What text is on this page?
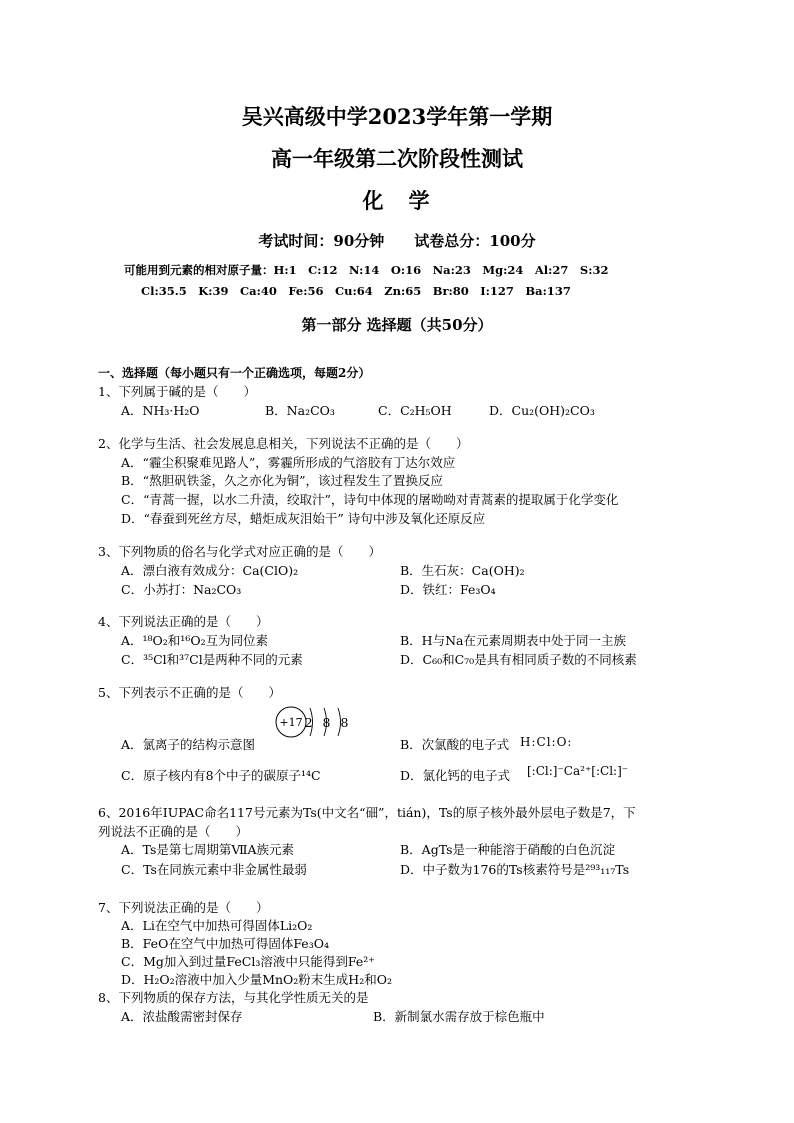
吴兴高级中学2023学年第一学期
高一年级第二次阶段性测试
化　学
考试时间：90分钟 试卷总分：100分
可能用到元素的相对原子量：H:1　C:12　N:14　O:16　Na:23　Mg:24　Al:27　S:32
Cl:35.5　K:39　Ca:40　Fe:56　Cu:64　Zn:65　Br:80　I:127　Ba:137
第一部分 选择题（共50分）
一、选择题（每小题只有一个正确选项，每题2分）
1、下列属于碱的是（　　）
A．NH₃·H₂O	B．Na₂CO₃	C．C₂H₅OH	D．Cu₂(OH)₂CO₃
2、化学与生活、社会发展息息相关，下列说法不正确的是（　　）
A．“霾尘积聚难见路人”，雾霾所形成的气溶胶有丁达尔效应
B．“熬胆矾铁釜，久之亦化为铜”，该过程发生了置换反应
C．“青蒿一握，以水二升渍，绞取汁”，诗句中体现的屠呦呦对青蒿素的提取属于化学变化
D．“春蚕到死丝方尽，蜡炬成灰泪始干” 诗句中涉及氧化还原反应
3、下列物质的俗名与化学式对应正确的是（　　）
A．漂白液有效成分：Ca(ClO)₂	B．生石灰：Ca(OH)₂
C．小苏打：Na₂CO₃	D．铁红：Fe₃O₄
4、下列说法正确的是（　　）
A．¹⁸O₂和¹⁶O₂互为同位素	B．H与Na在元素周期表中处于同一主族
C．³⁵Cl和³⁷Cl是两种不同的元素	D．C₆₀和C₇₀是具有相同质子数的不同核素
5、下列表示不正确的是（　　）
A．氯离子的结构示意图
+17 2 8 8
B．次氯酸的电子式 H:Cl:O:
C．原子核内有8个中子的碳原子¹⁴C	D．氯化钙的电子式 [:Cl:]⁻Ca²⁺[:Cl:]⁻
6、2016年IUPAC命名117号元素为Ts(中文名“鿬”，tián)，Ts的原子核外最外层电子数是7，下
列说法不正确的是（　　）
A．Ts是第七周期第ⅦA族元素	B．AgTs是一种能溶于硝酸的白色沉淀
C．Ts在同族元素中非金属性最弱	D．中子数为176的Ts核素符号是²⁹³₁₁₇Ts
7、下列说法正确的是（　　）
A．Li在空气中加热可得固体Li₂O₂
B．FeO在空气中加热可得固体Fe₃O₄
C．Mg加入到过量FeCl₃溶液中只能得到Fe²⁺
D．H₂O₂溶液中加入少量MnO₂粉末生成H₂和O₂
8、下列物质的保存方法，与其化学性质无关的是
A．浓盐酸需密封保存	B．新制氯水需存放于棕色瓶中
